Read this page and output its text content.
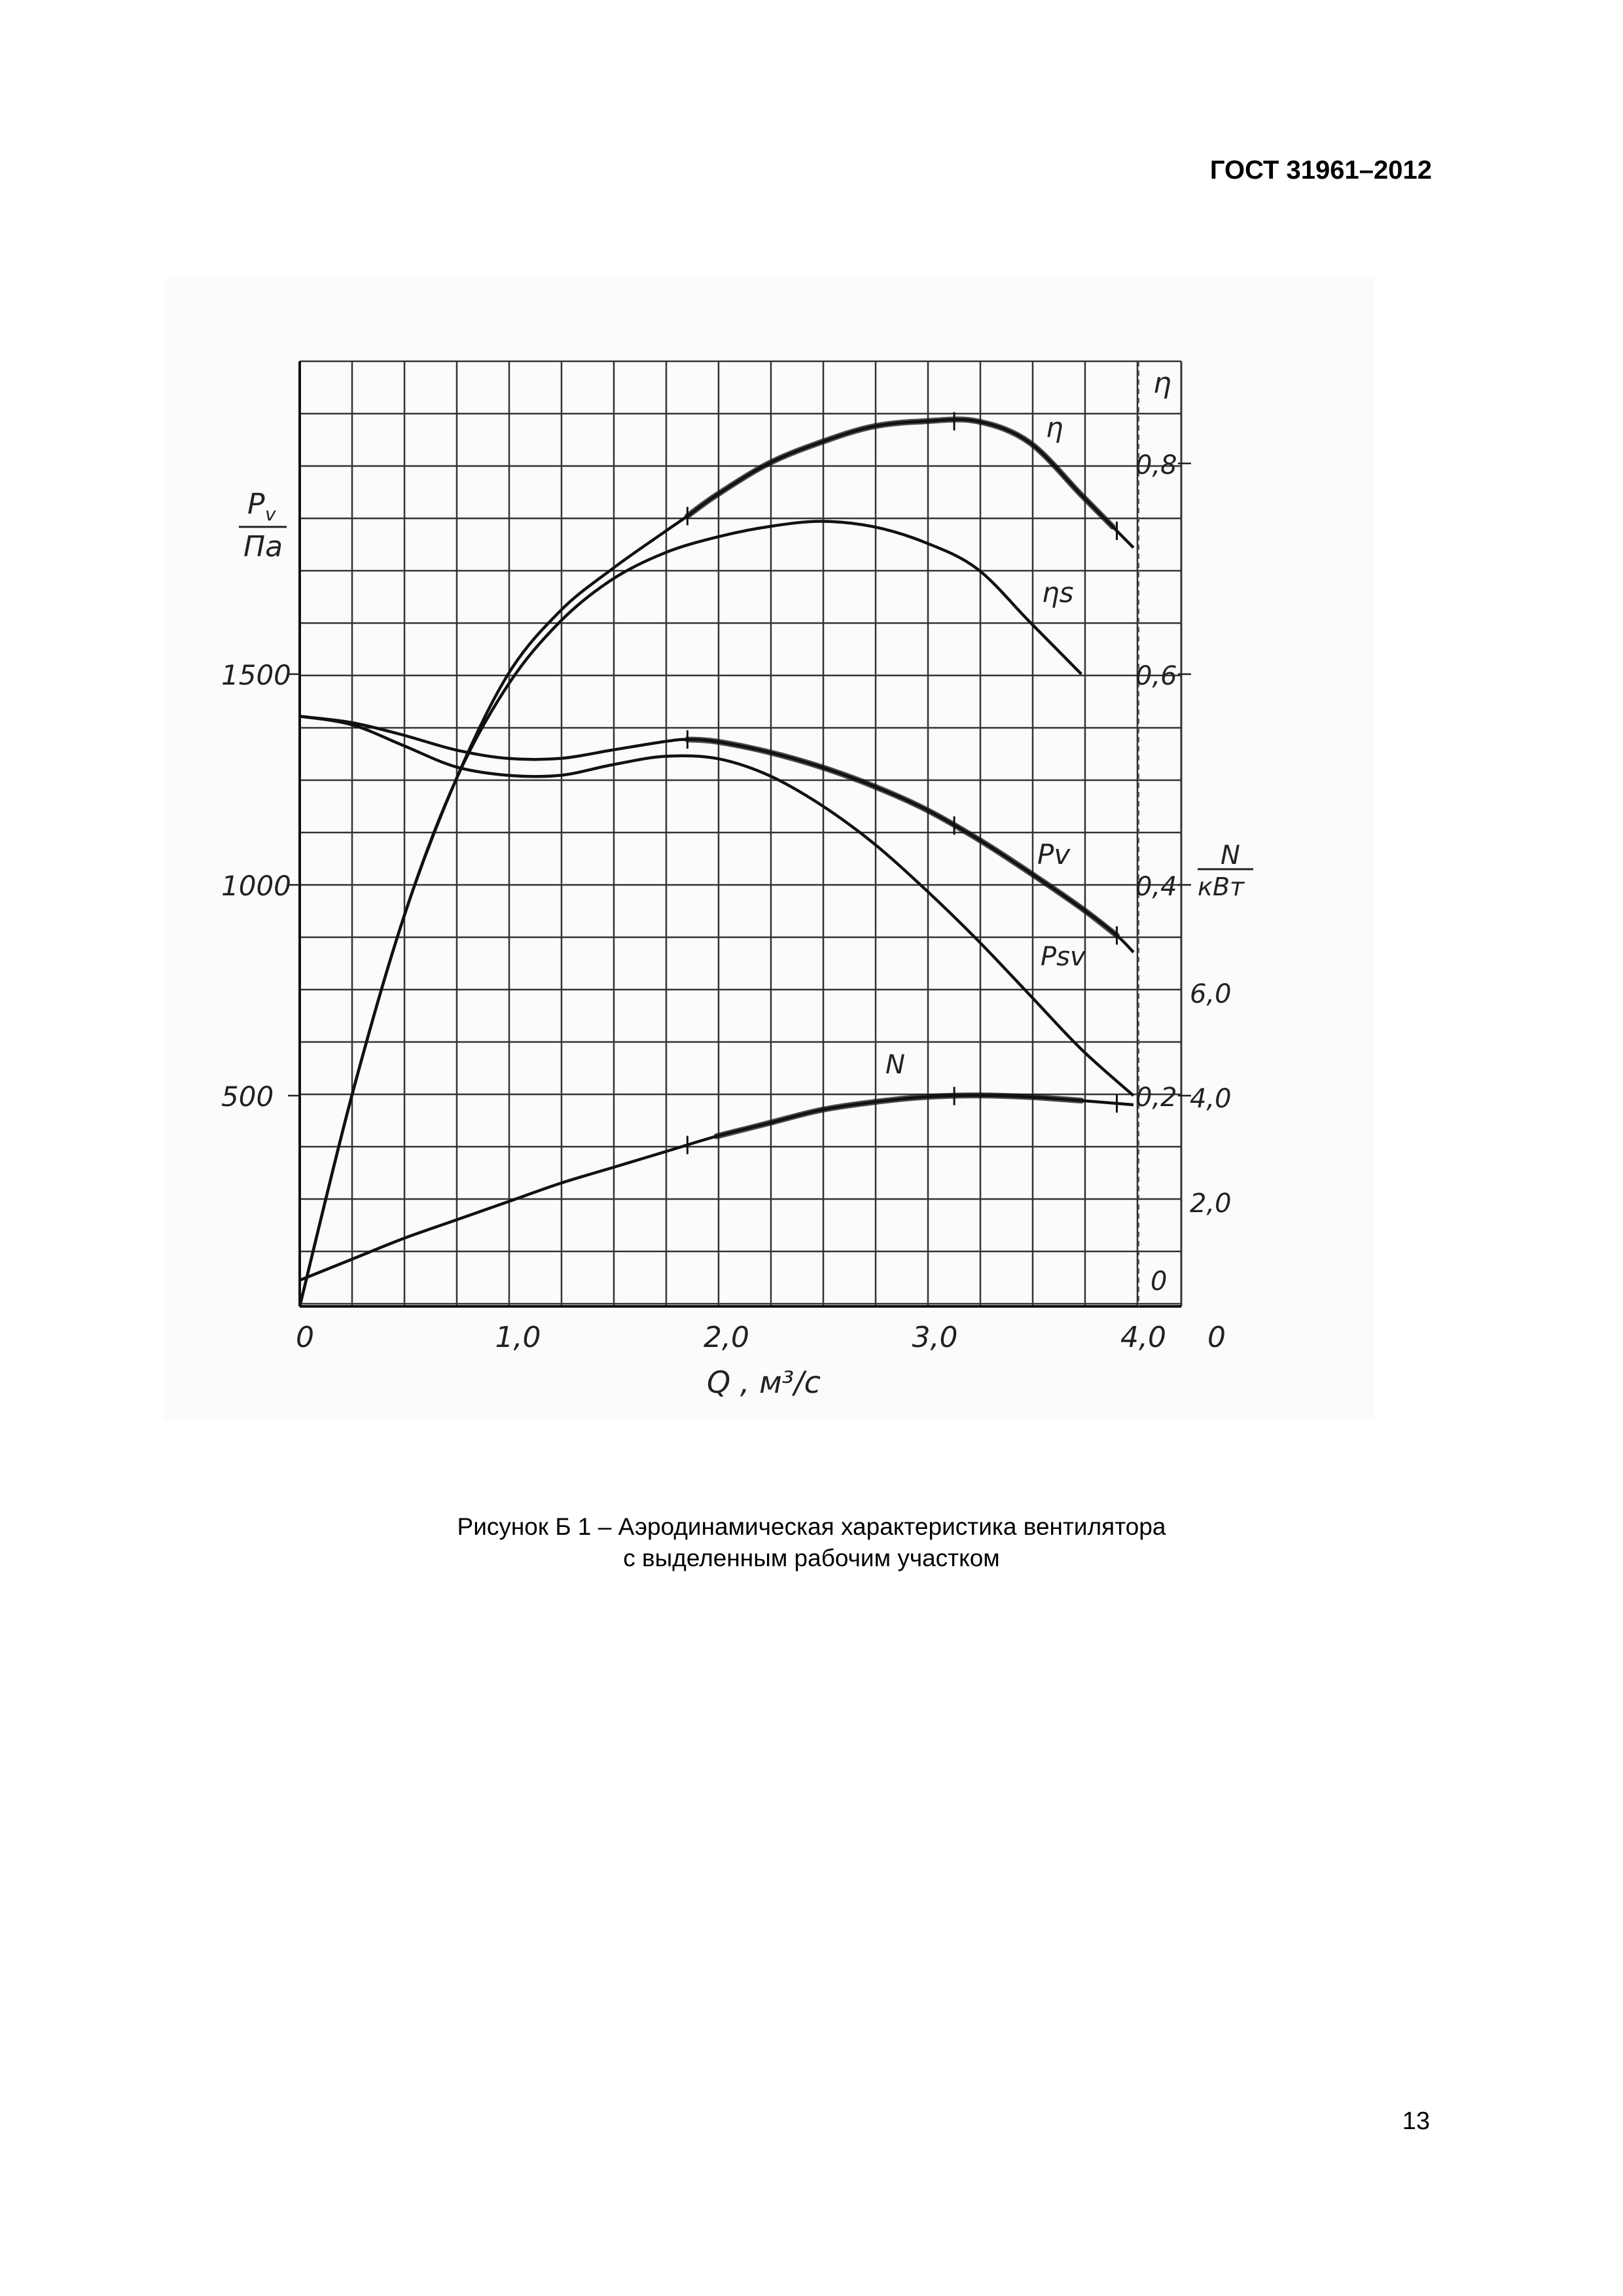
ГОСТ 31961–2012
0	1,0	2,0	3,0	4,0
Q , м³/с
500
1000
1500
P v
Па
η
0,2
0,4
0,6
0,8
0
2,0
4,0
6,0
0
N
кВт
η
ηs
Pv
Psv
N
Рисунок Б 1 – Аэродинамическая характеристика вентилятора
с выделенным рабочим участком
13
